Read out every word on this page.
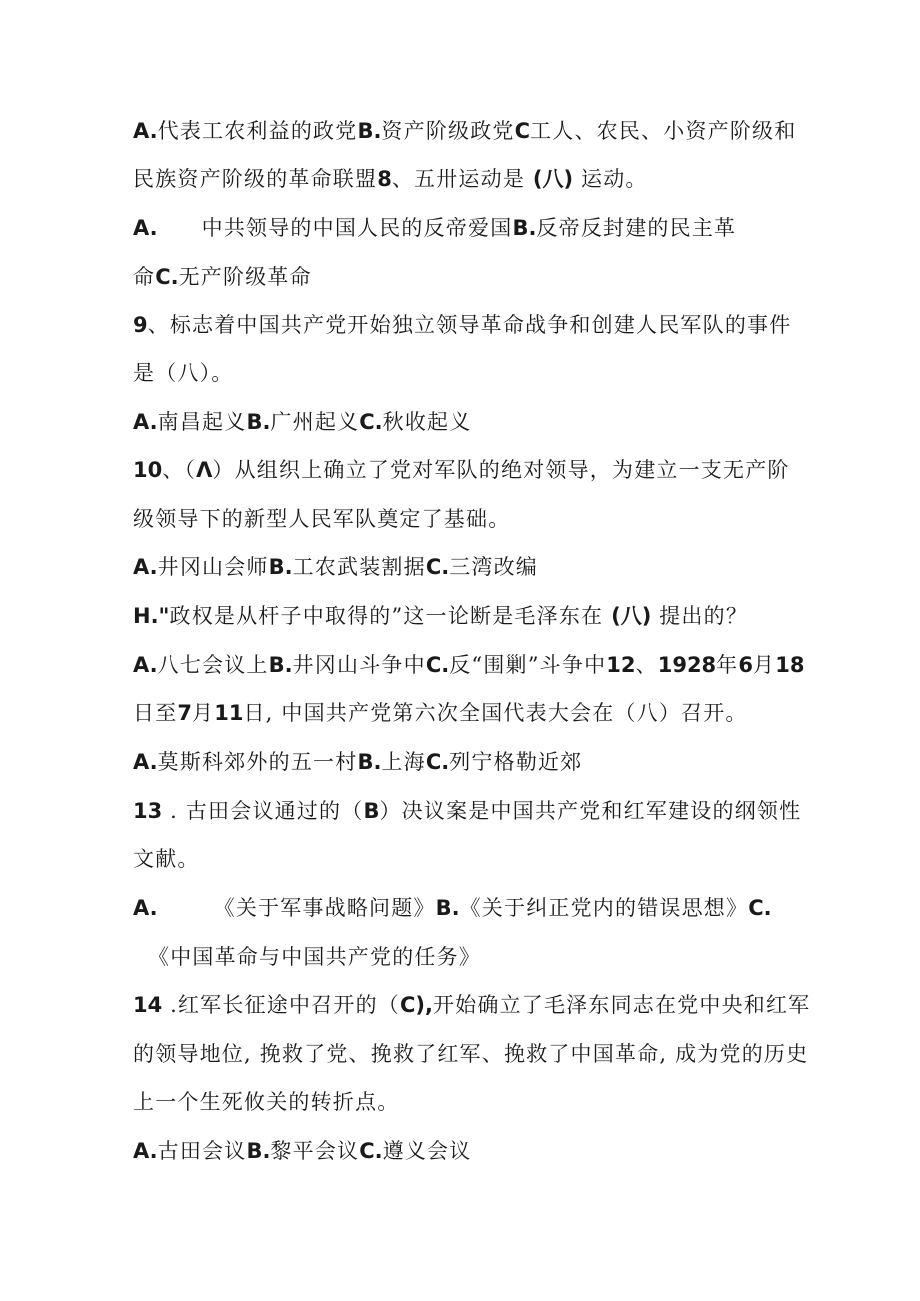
A.代表工农利益的政党B.资产阶级政党C工人、农民、小资产阶级和
民族资产阶级的革命联盟8、五卅运动是 (八) 运动。
A. 中共领导的中国人民的反帝爱国B.反帝反封建的民主革
命C.无产阶级革命
9、标志着中国共产党开始独立领导革命战争和创建人民军队的事件
是（八）。
A.南昌起义B.广州起义C.秋收起义
10、（Λ）从组织上确立了党对军队的绝对领导，为建立一支无产阶
级领导下的新型人民军队奠定了基础。
A.井冈山会师B.工农武装割据C.三湾改编
H."政权是从杆子中取得的”这一论断是毛泽东在 (八) 提出的？
A.八七会议上B.井冈山斗争中C.反“围剿”斗争中12、1928年6月18
日至7月11日, 中国共产党第六次全国代表大会在（八）召开。
A.莫斯科郊外的五一村B.上海C.列宁格勒近郊
13 . 古田会议通过的（B）决议案是中国共产党和红军建设的纲领性
文献。
A.	《关于军事战略问题》B.《关于纠正党内的错误思想》C.
《中国革命与中国共产党的任务》
14 .红军长征途中召开的（C),开始确立了毛泽东同志在党中央和红军
的领导地位, 挽救了党、挽救了红军、挽救了中国革命, 成为党的历史
上一个生死攸关的转折点。
A.古田会议B.黎平会议C.遵义会议
